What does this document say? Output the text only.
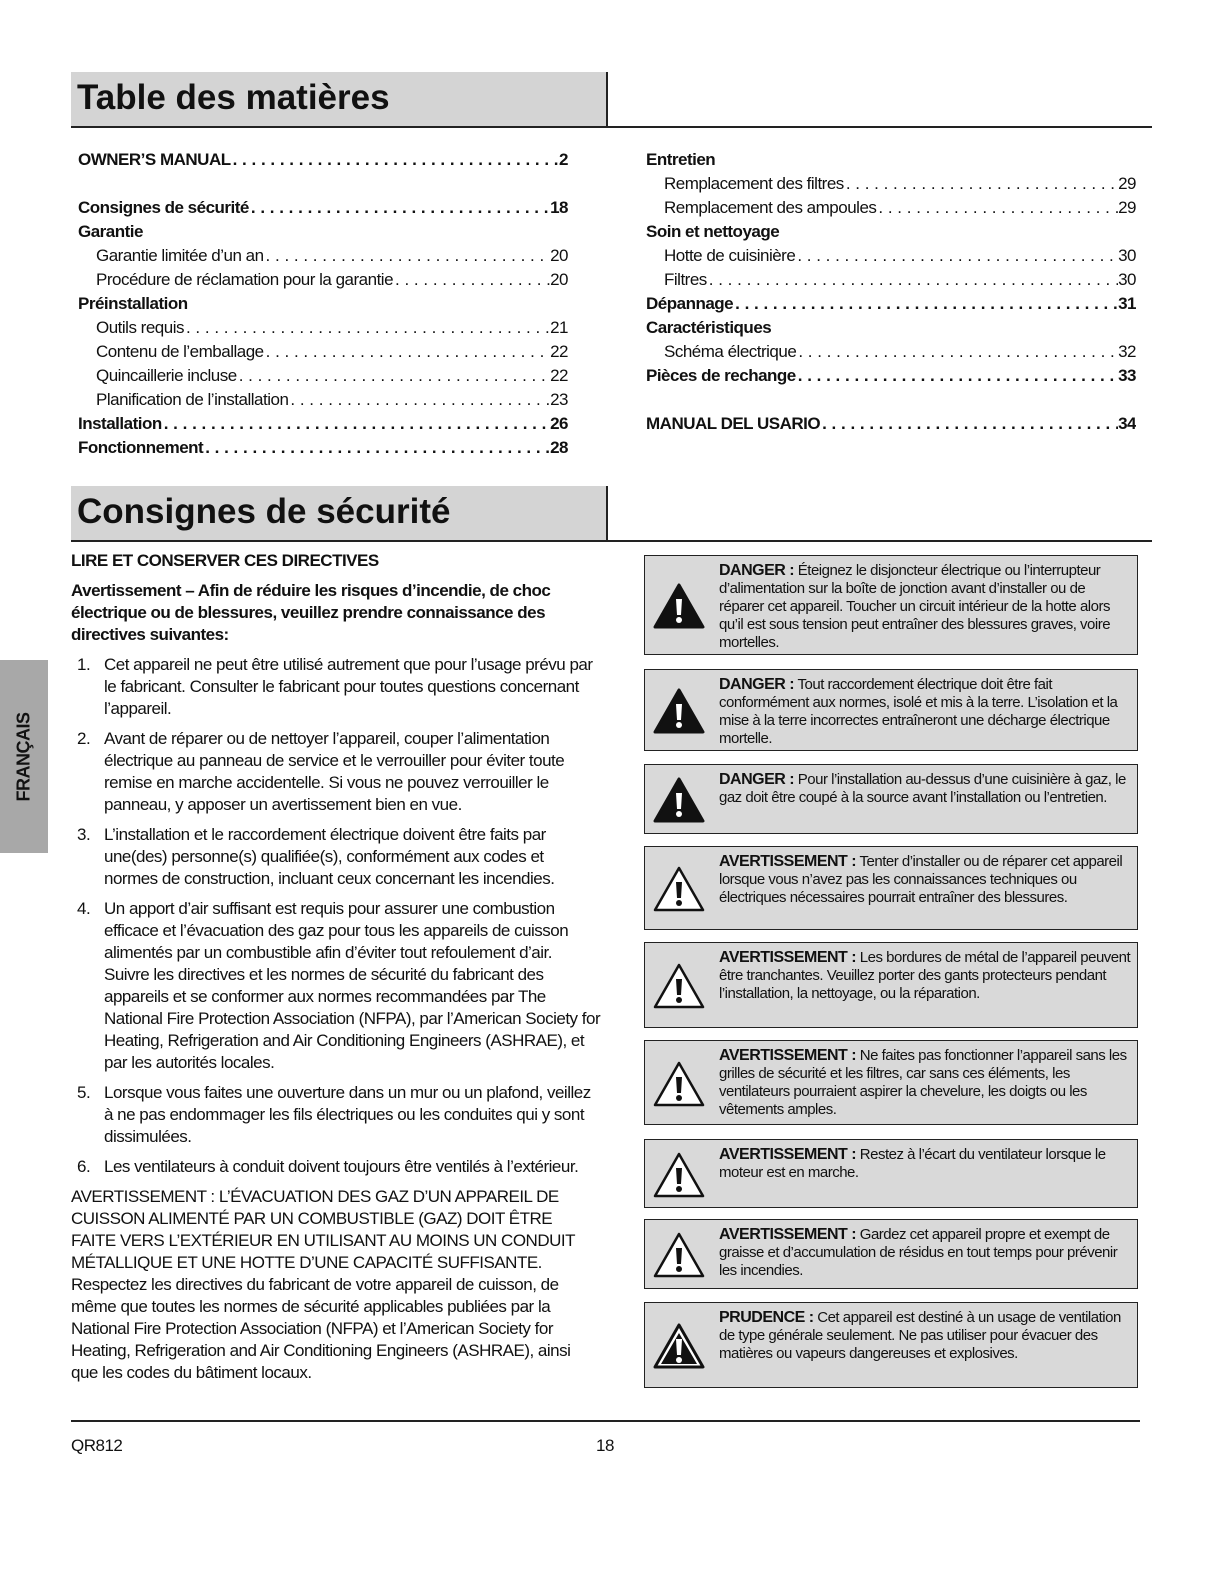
Table des matières
OWNER’S MANUAL . . .	2
Consignes de sécurité . . .	18
Garantie
Garantie limitée d’un an . . .	20
Procédure de réclamation pour la garantie . . .	20
Préinstallation
Outils requis . . .	21
Contenu de l’emballage . . .	22
Quincaillerie incluse . . .	22
Planification de l’installation . . .	23
Installation . . .	26
Fonctionnement . . .	28
Entretien
Remplacement des filtres . . .	29
Remplacement des ampoules . . .	29
Soin et nettoyage
Hotte de cuisinière . . .	30
Filtres . . .	30
Dépannage . . .	31
Caractéristiques
Schéma électrique . . .	32
Pièces de rechange . . .	33
MANUAL DEL USARIO . . .	34
Consignes de sécurité
FRANÇAIS

LIRE ET CONSERVER CES DIRECTIVES

Avertissement – Afin de réduire les risques d’incendie, de choc électrique ou de blessures, veuillez prendre connaissance des directives suivantes:

1. Cet appareil ne peut être utilisé autrement que pour l’usage prévu par le fabricant. Consulter le fabricant pour toutes questions concernant l’appareil.
2. Avant de réparer ou de nettoyer l’appareil, couper l’alimentation électrique au panneau de service et le verrouiller pour éviter toute remise en marche accidentelle. Si vous ne pouvez verrouiller le panneau, y apposer un avertissement bien en vue.
3. L’installation et le raccordement électrique doivent être faits par une(des) personne(s) qualifiée(s), conformément aux codes et normes de construction, incluant ceux concernant les incendies.
4. Un apport d’air suffisant est requis pour assurer une combustion efficace et l’évacuation des gaz pour tous les appareils de cuisson alimentés par un combustible afin d’éviter tout refoulement d’air. Suivre les directives et les normes de sécurité du fabricant des appareils et se conformer aux normes recommandées par The National Fire Protection Association (NFPA), par l’American Society for Heating, Refrigeration and Air Conditioning Engineers (ASHRAE), et par les autorités locales.
5. Lorsque vous faites une ouverture dans un mur ou un plafond, veillez à ne pas endommager les fils électriques ou les conduites qui y sont dissimulées.
6. Les ventilateurs à conduit doivent toujours être ventilés à l’extérieur.

AVERTISSEMENT : L’ÉVACUATION DES GAZ D’UN APPAREIL DE CUISSON ALIMENTÉ PAR UN COMBUSTIBLE (GAZ) DOIT ÊTRE FAITE VERS L’EXTÉRIEUR EN UTILISANT AU MOINS UN CONDUIT MÉTALLIQUE ET UNE HOTTE D’UNE CAPACITÉ SUFFISANTE. Respectez les directives du fabricant de votre appareil de cuisson, de même que toutes les normes de sécurité applicables publiées par la National Fire Protection Association (NFPA) et l’American Society for Heating, Refrigeration and Air Conditioning Engineers (ASHRAE), ainsi que les codes du bâtiment locaux.

DANGER : Éteignez le disjoncteur électrique ou l’interrupteur d’alimentation sur la boîte de jonction avant d’installer ou de réparer cet appareil. Toucher un circuit intérieur de la hotte alors qu’il est sous tension peut entraîner des blessures graves, voire mortelles.
DANGER : Tout raccordement électrique doit être fait conformément aux normes, isolé et mis à la terre. L’isolation et la mise à la terre incorrectes entraîneront une décharge électrique mortelle.
DANGER : Pour l’installation au-dessus d’une cuisinière à gaz, le gaz doit être coupé à la source avant l’installation ou l’entretien.
AVERTISSEMENT : Tenter d’installer ou de réparer cet appareil lorsque vous n’avez pas les connaissances techniques ou électriques nécessaires pourrait entraîner des blessures.
AVERTISSEMENT : Les bordures de métal de l’appareil peuvent être tranchantes. Veuillez porter des gants protecteurs pendant l’installation, la nettoyage, ou la réparation.
AVERTISSEMENT : Ne faites pas fonctionner l’appareil sans les grilles de sécurité et les filtres, car sans ces éléments, les ventilateurs pourraient aspirer la chevelure, les doigts ou les vêtements amples.
AVERTISSEMENT : Restez à l’écart du ventilateur lorsque le moteur est en marche.
AVERTISSEMENT : Gardez cet appareil propre et exempt de graisse et d’accumulation de résidus en tout temps pour prévenir les incendies.
PRUDENCE : Cet appareil est destiné à un usage de ventilation de type générale seulement. Ne pas utiliser pour évacuer des matières ou vapeurs dangereuses et explosives.
QR812	18
